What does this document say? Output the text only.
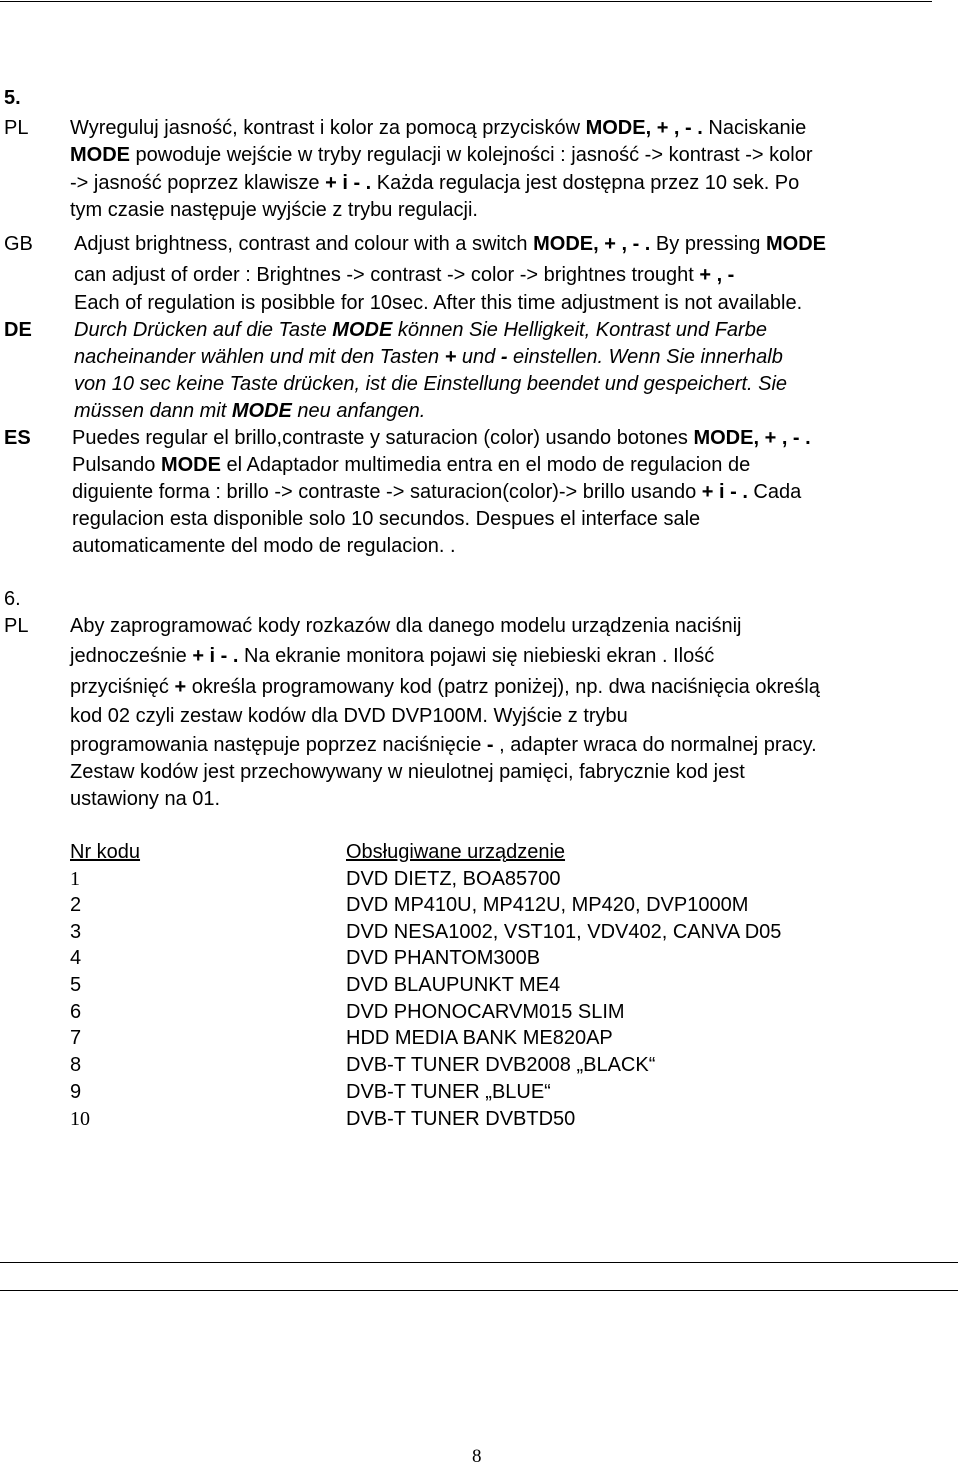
5.
PL Wyreguluj jasność, kontrast i kolor za pomocą przycisków MODE, + , - . Naciskanie
MODE powoduje wejście w tryby regulacji w kolejności : jasność -> kontrast -> kolor
-> jasność poprzez klawisze + i - . Każda regulacja jest dostępna przez 10 sek. Po
tym czasie następuje wyjście z trybu regulacji.
GB Adjust brightness, contrast and colour with a switch MODE, + , - . By pressing MODE
can adjust of order : Brightnes -> contrast -> color -> brightnes trought + , -
Each of regulation is posibble for 10sec. After this time adjustment is not available.
DE Durch Drücken auf die Taste MODE können Sie Helligkeit, Kontrast und Farbe
nacheinander wählen und mit den Tasten + und - einstellen. Wenn Sie innerhalb
von 10 sec keine Taste drücken, ist die Einstellung beendet und gespeichert. Sie
müssen dann mit MODE neu anfangen.
ES Puedes regular el brillo,contraste y saturacion (color) usando botones MODE, + , - .
Pulsando MODE el Adaptador multimedia entra en el modo de regulacion de
diguiente forma : brillo -> contraste -> saturacion(color)-> brillo usando + i - . Cada
regulacion esta disponible solo 10 secundos. Despues el interface sale
automaticamente del modo de regulacion. .
6.
PL Aby zaprogramować kody rozkazów dla danego modelu urządzenia naciśnij
jednocześnie + i - . Na ekranie monitora pojawi się niebieski ekran . Ilość
przyciśnięć + określa programowany kod (patrz poniżej), np. dwa naciśnięcia określą
kod 02 czyli zestaw kodów dla DVD DVP100M. Wyjście z trybu
programowania następuje poprzez naciśnięcie - , adapter wraca do normalnej pracy.
Zestaw kodów jest przechowywany w nieulotnej pamięci, fabrycznie kod jest
ustawiony na 01.
Nr kodu	Obsługiwane urządzenie
1	DVD DIETZ, BOA85700
2	DVD MP410U, MP412U, MP420, DVP1000M
3	DVD NESA1002, VST101, VDV402, CANVA D05
4	DVD PHANTOM300B
5	DVD BLAUPUNKT ME4
6	DVD PHONOCARVM015 SLIM
7	HDD MEDIA BANK ME820AP
8	DVB-T TUNER DVB2008 „BLACK“
9	DVB-T TUNER „BLUE“
10	DVB-T TUNER DVBTD50
8
